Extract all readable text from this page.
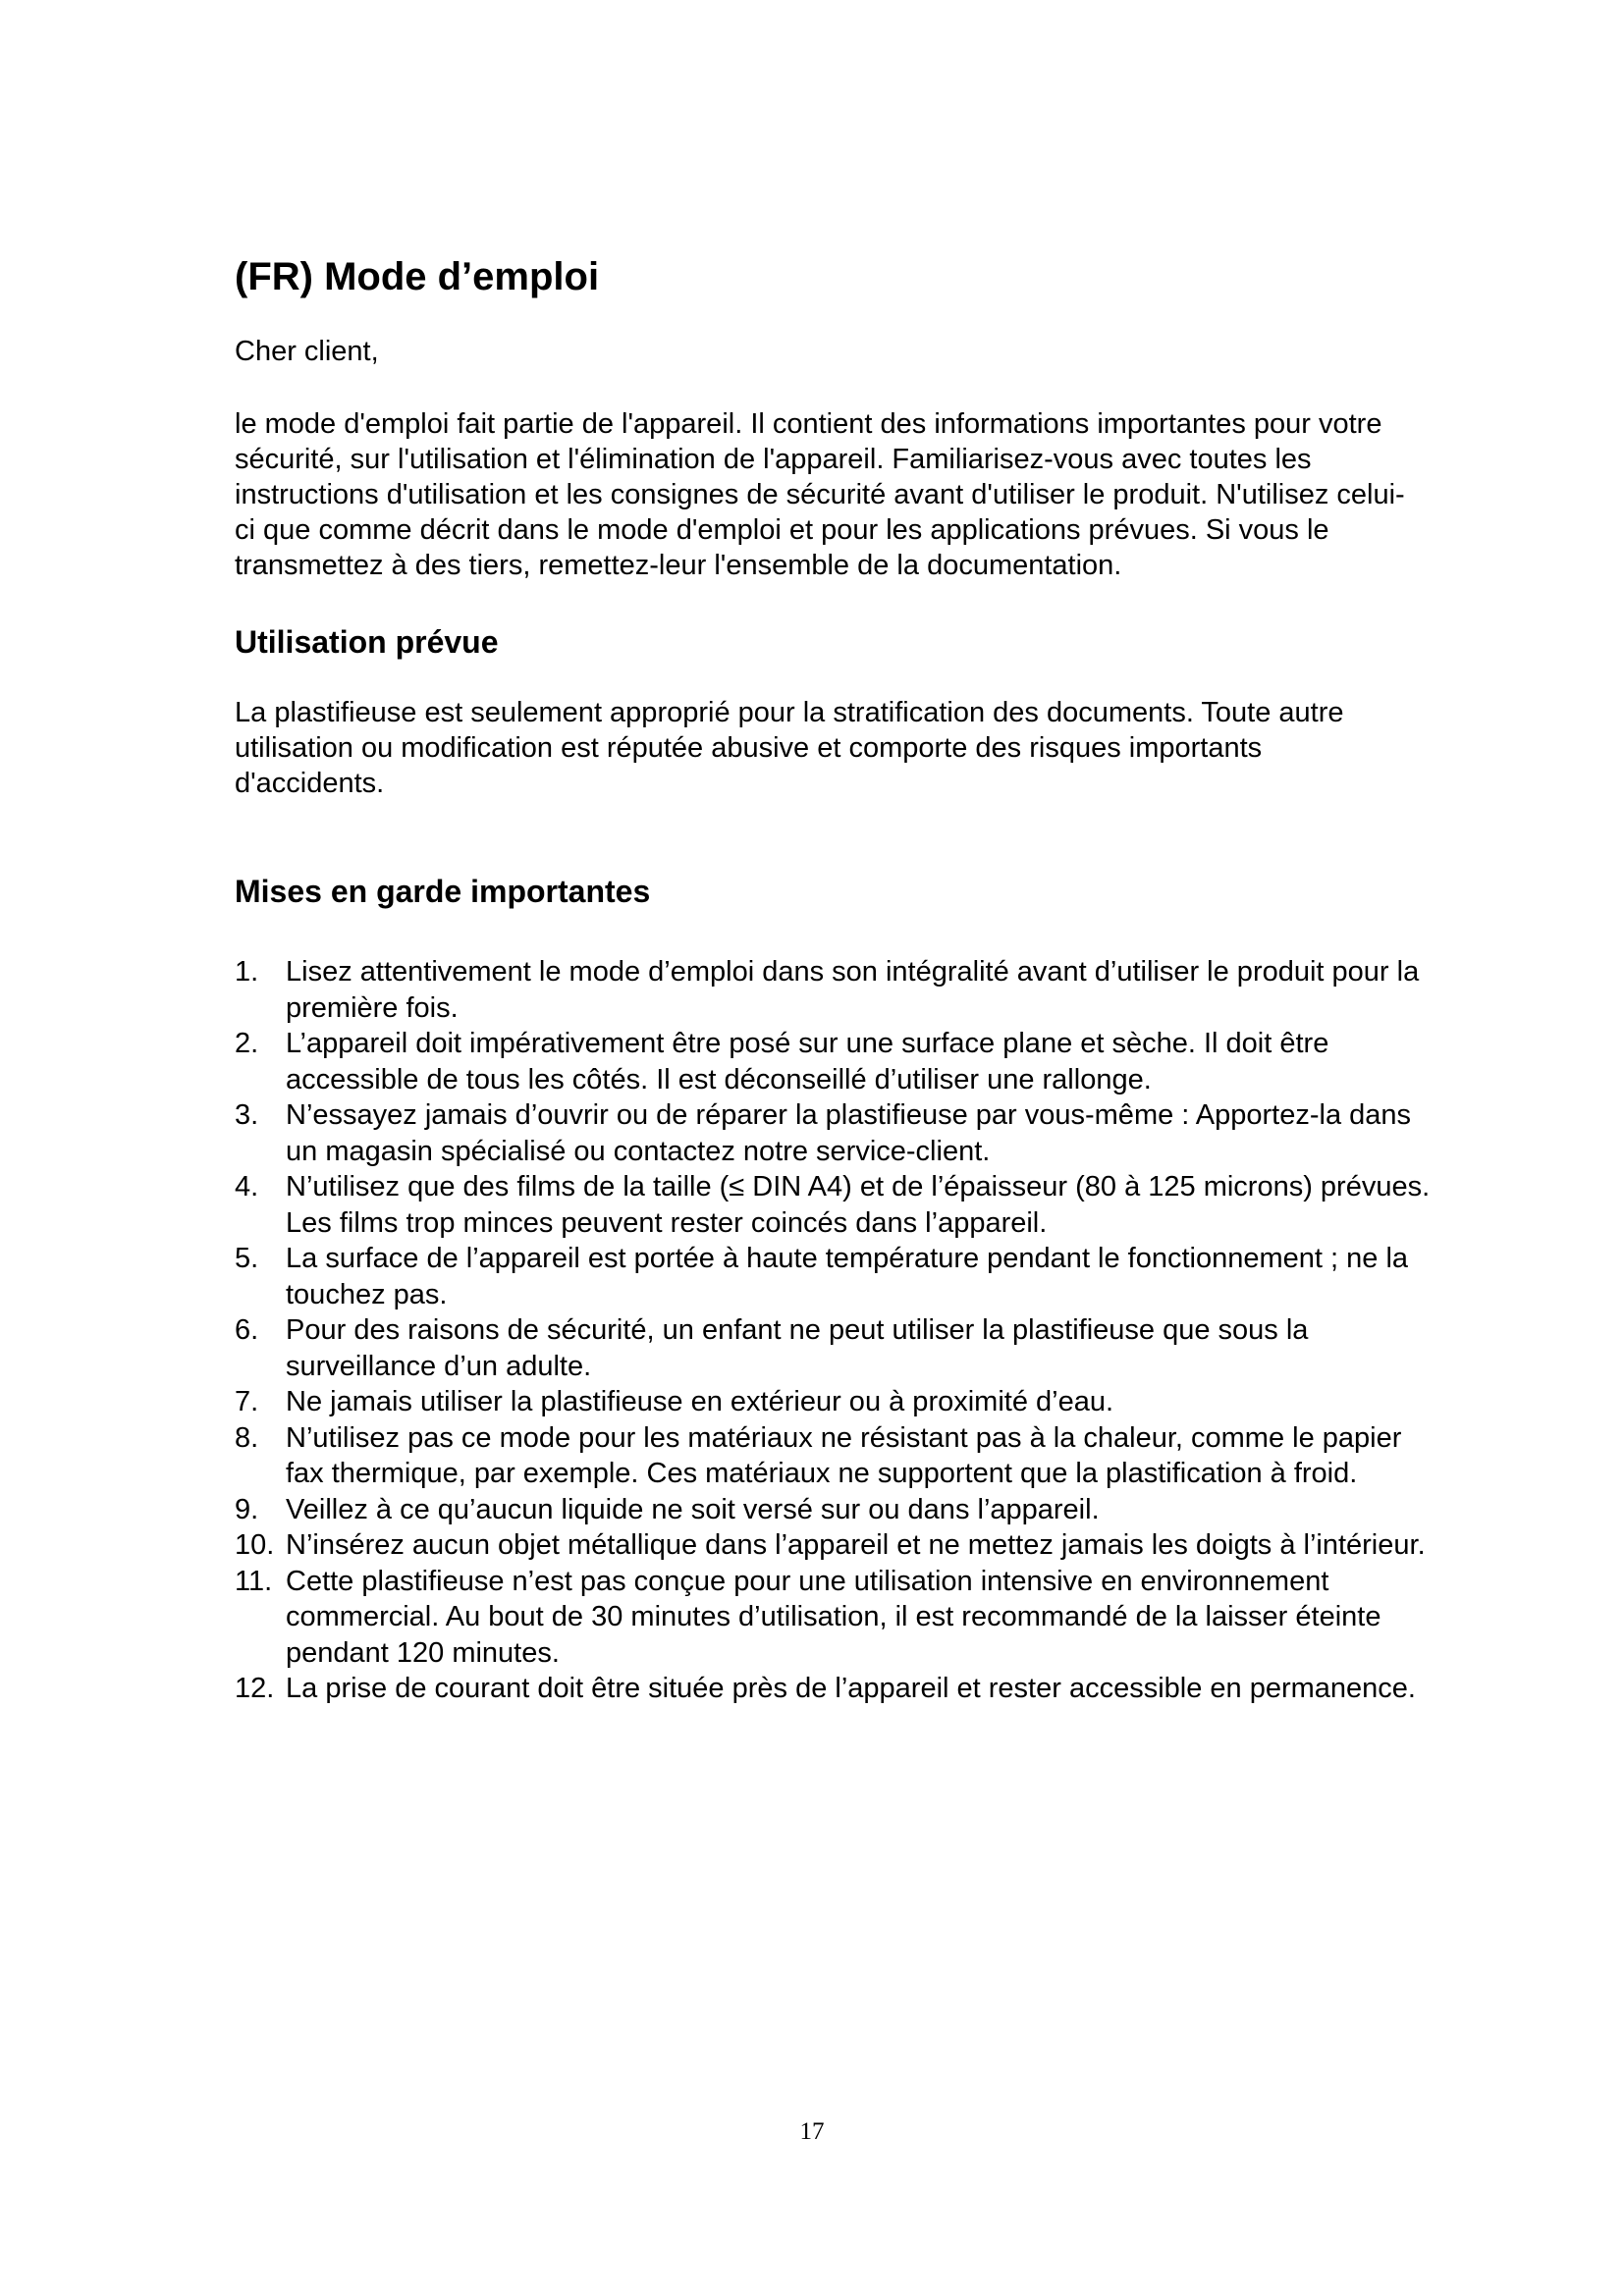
(FR) Mode d’emploi

Cher client,

le mode d'emploi fait partie de l'appareil. Il contient des informations importantes pour votre sécurité, sur l'utilisation et l'élimination de l'appareil. Familiarisez-vous avec toutes les instructions d'utilisation et les consignes de sécurité avant d'utiliser le produit. N'utilisez celui-ci que comme décrit dans le mode d'emploi et pour les applications prévues. Si vous le transmettez à des tiers, remettez-leur l'ensemble de la documentation.

Utilisation prévue

La plastifieuse est seulement approprié pour la stratification des documents. Toute autre utilisation ou modification est réputée abusive et comporte des risques importants d'accidents.

Mises en garde importantes
1. Lisez attentivement le mode d’emploi dans son intégralité avant d’utiliser le produit pour la première fois.
2. L’appareil doit impérativement être posé sur une surface plane et sèche. Il doit être accessible de tous les côtés. Il est déconseillé d’utiliser une rallonge.
3. N’essayez jamais d’ouvrir ou de réparer la plastifieuse par vous-même : Apportez-la dans un magasin spécialisé ou contactez notre service-client.
4. N’utilisez que des films de la taille (≤ DIN A4) et de l’épaisseur (80 à 125 microns) prévues. Les films trop minces peuvent rester coincés dans l’appareil.
5. La surface de l’appareil est portée à haute température pendant le fonctionnement ; ne la touchez pas.
6. Pour des raisons de sécurité, un enfant ne peut utiliser la plastifieuse que sous la surveillance d’un adulte.
7. Ne jamais utiliser la plastifieuse en extérieur ou à proximité d’eau.
8. N’utilisez pas ce mode pour les matériaux ne résistant pas à la chaleur, comme le papier fax thermique, par exemple. Ces matériaux ne supportent que la plastification à froid.
9. Veillez à ce qu’aucun liquide ne soit versé sur ou dans l’appareil.
10. N’insérez aucun objet métallique dans l’appareil et ne mettez jamais les doigts à l’intérieur.
11. Cette plastifieuse n’est pas conçue pour une utilisation intensive en environnement commercial. Au bout de 30 minutes d’utilisation, il est recommandé de la laisser éteinte pendant 120 minutes.
12. La prise de courant doit être située près de l’appareil et rester accessible en permanence.
17
